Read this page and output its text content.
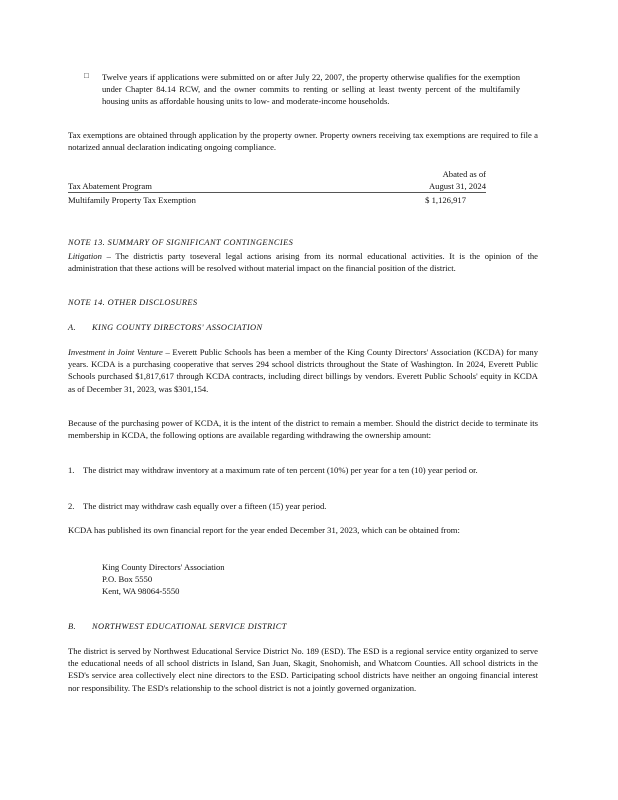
□	Twelve years if applications were submitted on or after July 22, 2007, the property otherwise qualifies for the exemption under Chapter 84.14 RCW, and the owner commits to renting or selling at least twenty percent of the multifamily housing units as affordable housing units to low- and moderate-income households.

Tax exemptions are obtained through application by the property owner. Property owners receiving tax exemptions are required to file a notarized annual declaration indicating ongoing compliance.

	Abated as of
Tax Abatement Program	August 31, 2024
Multifamily Property Tax Exemption	$ 1,126,917
NOTE 13. SUMMARY OF SIGNIFICANT CONTINGENCIES

Litigation – The districtis party toseveral legal actions arising from its normal educational activities. It is the opinion of the administration that these actions will be resolved without material impact on the financial position of the district.

NOTE 14. OTHER DISCLOSURES
A. KING COUNTY DIRECTORS' ASSOCIATION

Investment in Joint Venture – Everett Public Schools has been a member of the King County Directors' Association (KCDA) for many years. KCDA is a purchasing cooperative that serves 294 school districts throughout the State of Washington. In 2024, Everett Public Schools purchased $1,817,617 through KCDA contracts, including direct billings by vendors. Everett Public Schools' equity in KCDA as of December 31, 2023, was $301,154.

Because of the purchasing power of KCDA, it is the intent of the district to remain a member. Should the district decide to terminate its membership in KCDA, the following options are available regarding withdrawing the ownership amount:

1. The district may withdraw inventory at a maximum rate of ten percent (10%) per year for a ten (10) year period or.

2. The district may withdraw cash equally over a fifteen (15) year period.

KCDA has published its own financial report for the year ended December 31, 2023, which can be obtained from:

King County Directors' Association
P.O. Box 5550
Kent, WA 98064-5550
B. NORTHWEST EDUCATIONAL SERVICE DISTRICT

The district is served by Northwest Educational Service District No. 189 (ESD). The ESD is a regional service entity organized to serve the educational needs of all school districts in Island, San Juan, Skagit, Snohomish, and Whatcom Counties. All school districts in the ESD's service area collectively elect nine directors to the ESD. Participating school districts have neither an ongoing financial interest nor responsibility. The ESD's relationship to the school district is not a jointly governed organization.
